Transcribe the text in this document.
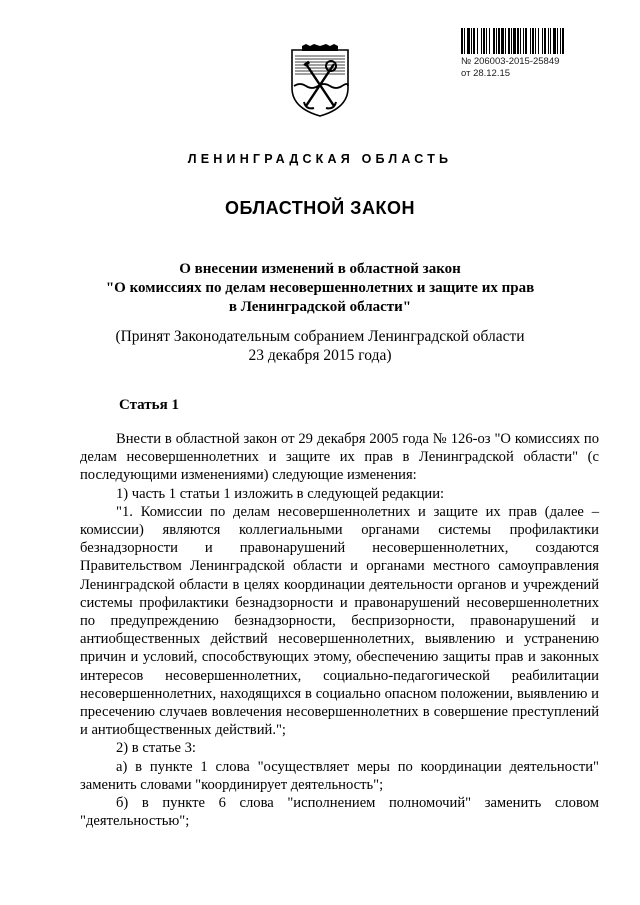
№ 206003-2015-25849
от 28.12.15
ЛЕНИНГРАДСКАЯ ОБЛАСТЬ
ОБЛАСТНОЙ ЗАКОН
О внесении изменений в областной закон
"О комиссиях по делам несовершеннолетних и защите их прав
в Ленинградской области"
(Принят Законодательным собранием Ленинградской области
23 декабря 2015 года)
Статья 1

Внести в областной закон от 29 декабря 2005 года № 126-оз "О комиссиях по делам несовершеннолетних и защите их прав в Ленинградской области" (с последующими изменениями) следующие изменения:

1) часть 1 статьи 1 изложить в следующей редакции:

"1. Комиссии по делам несовершеннолетних и защите их прав (далее – комиссии) являются коллегиальными органами системы профилактики безнадзорности и правонарушений несовершеннолетних, создаются Правительством Ленинградской области и органами местного самоуправления Ленинградской области в целях координации деятельности органов и учреждений системы профилактики безнадзорности и правонарушений несовершеннолетних по предупреждению безнадзорности, беспризорности, правонарушений и антиобщественных действий несовершеннолетних, выявлению и устранению причин и условий, способствующих этому, обеспечению защиты прав и законных интересов несовершеннолетних, социально-педагогической реабилитации несовершеннолетних, находящихся в социально опасном положении, выявлению и пресечению случаев вовлечения несовершеннолетних в совершение преступлений и антиобщественных действий.";

2) в статье 3:

а) в пункте 1 слова "осуществляет меры по координации деятельности" заменить словами "координирует деятельность";

б) в пункте 6 слова "исполнением полномочий" заменить словом "деятельностью";
